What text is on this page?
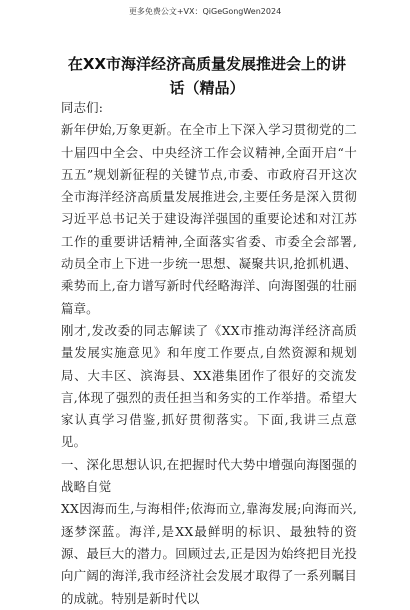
更多免费公文+VX：QiGeGongWen2024
在XX市海洋经济高质量发展推进会上的讲话（精品）

同志们:

新年伊始,万象更新。在全市上下深入学习贯彻党的二十届四中全会、中央经济工作会议精神,全面开启“十五五”规划新征程的关键节点,市委、市政府召开这次全市海洋经济高质量发展推进会,主要任务是深入贯彻习近平总书记关于建设海洋强国的重要论述和对江苏工作的重要讲话精神,全面落实省委、市委全会部署,动员全市上下进一步统一思想、凝聚共识,抢抓机遇、乘势而上,奋力谱写新时代经略海洋、向海图强的壮丽篇章。

刚才,发改委的同志解读了《XX市推动海洋经济高质量发展实施意见》和年度工作要点,自然资源和规划局、大丰区、滨海县、XX港集团作了很好的交流发言,体现了强烈的责任担当和务实的工作举措。希望大家认真学习借鉴,抓好贯彻落实。下面,我讲三点意见。

一、深化思想认识,在把握时代大势中增强向海图强的战略自觉

XX因海而生,与海相伴;依海而立,靠海发展;向海而兴,逐梦深蓝。海洋,是XX最鲜明的标识、最独特的资源、最巨大的潜力。回顾过去,正是因为始终把目光投向广阔的海洋,我市经济社会发展才取得了一系列瞩目的成就。特别是新时代以
